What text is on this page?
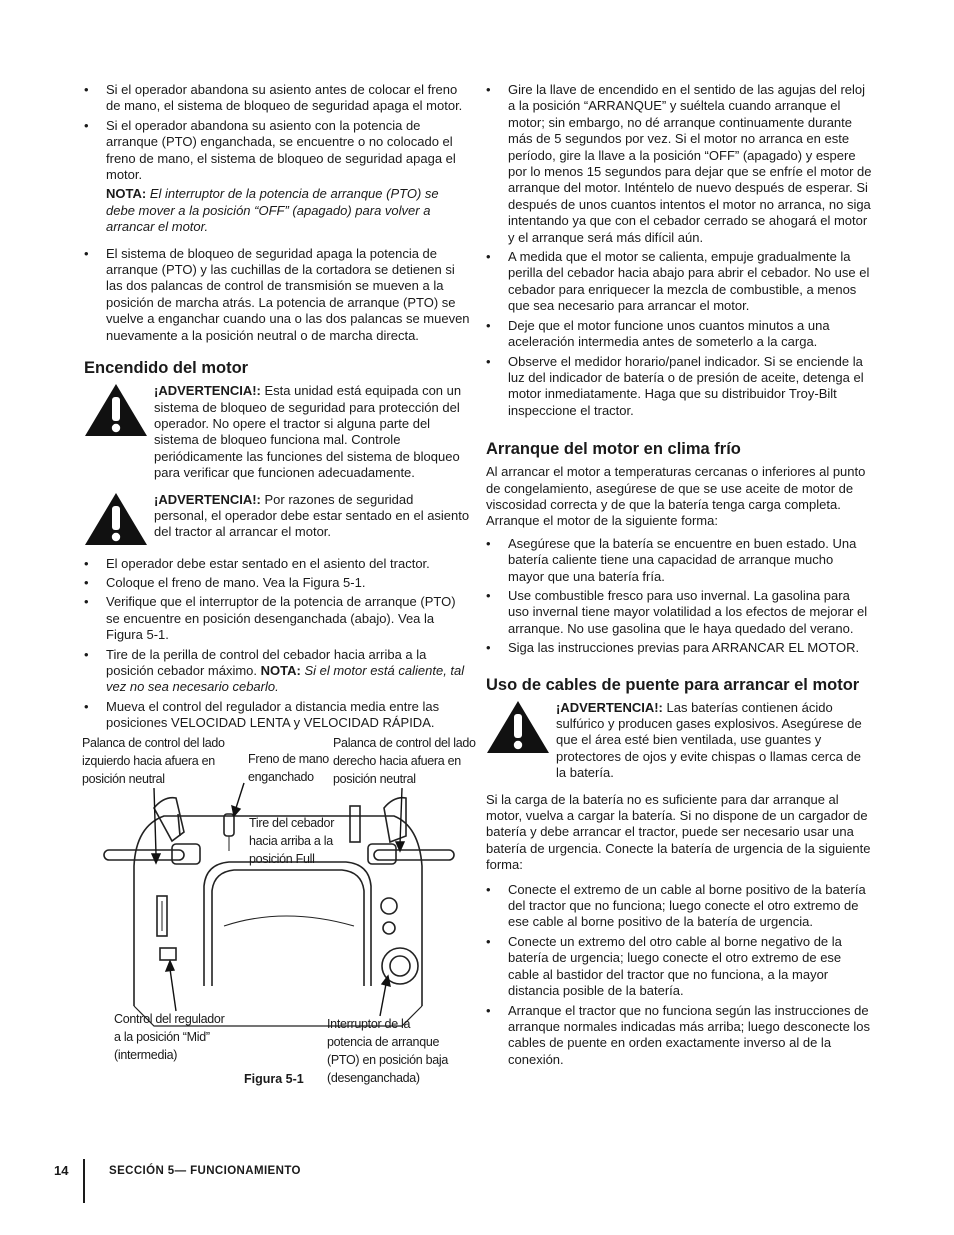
• Si el operador abandona su asiento antes de colocar el freno de mano, el sistema de bloqueo de seguridad apaga el motor.
• Si el operador abandona su asiento con la potencia de arranque (PTO) enganchada, se encuentre o no colocado el freno de mano, el sistema de bloqueo de seguridad apaga el motor.
NOTA: El interruptor de la potencia de arranque (PTO) se debe mover a la posición “OFF” (apagado) para volver a arrancar el motor.
• El sistema de bloqueo de seguridad apaga la potencia de arranque (PTO) y las cuchillas de la cortadora se detienen si las dos palancas de control de transmisión se mueven a la posición de marcha atrás. La potencia de arranque (PTO) se vuelve a enganchar cuando una o las dos palancas se mueven nuevamente a la posición neutral o de marcha directa.
Encendido del motor
¡ADVERTENCIA!: Esta unidad está equipada con un sistema de bloqueo de seguridad para protección del operador. No opere el tractor si alguna parte del sistema de bloqueo funciona mal. Controle periódicamente las funciones del sistema de bloqueo para verificar que funcionen adecuadamente.
¡ADVERTENCIA!: Por razones de seguridad personal, el operador debe estar sentado en el asiento del tractor al arrancar el motor.
• El operador debe estar sentado en el asiento del tractor.
• Coloque el freno de mano. Vea la Figura 5-1.
• Verifique que el interruptor de la potencia de arranque (PTO) se encuentre en posición desenganchada (abajo). Vea la Figura 5-1.
• Tire de la perilla de control del cebador hacia arriba a la posición cebador máximo. NOTA: Si el motor está caliente, tal vez no sea necesario cebarlo.
• Mueva el control del regulador a distancia media entre las posiciones VELOCIDAD LENTA y VELOCIDAD RÁPIDA.
Palanca de control del lado izquierdo hacia afuera en posición neutral
Freno de mano enganchado
Palanca de control del lado derecho hacia afuera en posición neutral
Tire del cebador hacia arriba a la posición Full
Control del regulador a la posición “Mid” (intermedia)
Interruptor de la potencia de arranque (PTO) en posición baja (desenganchada)
Figura 5-1
• Gire la llave de encendido en el sentido de las agujas del reloj a la posición “ARRANQUE” y suéltela cuando arranque el motor; sin embargo, no dé arranque continuamente durante más de 5 segundos por vez. Si el motor no arranca en este período, gire la llave a la posición “OFF” (apagado) y espere por lo menos 15 segundos para dejar que se enfríe el motor de arranque del motor. Inténtelo de nuevo después de esperar. Si después de unos cuantos intentos el motor no arranca, no siga intentando ya que con el cebador cerrado se ahogará el motor y el arranque será más difícil aún.
• A medida que el motor se calienta, empuje gradualmente la perilla del cebador hacia abajo para abrir el cebador. No use el cebador para enriquecer la mezcla de combustible, a menos que sea necesario para arrancar el motor.
• Deje que el motor funcione unos cuantos minutos a una aceleración intermedia antes de someterlo a la carga.
• Observe el medidor horario/panel indicador. Si se enciende la luz del indicador de batería o de presión de aceite, detenga el motor inmediatamente. Haga que su distribuidor Troy-Bilt inspeccione el tractor.
Arranque del motor en clima frío

Al arrancar el motor a temperaturas cercanas o inferiores al punto de congelamiento, asegúrese de que se use aceite de motor de viscosidad correcta y de que la batería tenga carga completa. Arranque el motor de la siguiente forma:

• Asegúrese que la batería se encuentre en buen estado. Una batería caliente tiene una capacidad de arranque mucho mayor que una batería fría.
• Use combustible fresco para uso invernal. La gasolina para uso invernal tiene mayor volatilidad a los efectos de mejorar el arranque. No use gasolina que le haya quedado del verano.
• Siga las instrucciones previas para ARRANCAR EL MOTOR.
Uso de cables de puente para arrancar el motor
¡ADVERTENCIA!: Las baterías contienen ácido sulfúrico y producen gases explosivos. Asegúrese de que el área esté bien ventilada, use guantes y protectores de ojos y evite chispas o llamas cerca de la batería.

Si la carga de la batería no es suficiente para dar arranque al motor, vuelva a cargar la batería. Si no dispone de un cargador de batería y debe arrancar el tractor, puede ser necesario usar una batería de urgencia. Conecte la batería de urgencia de la siguiente forma:

• Conecte el extremo de un cable al borne positivo de la batería del tractor que no funciona; luego conecte el otro extremo de ese cable al borne positivo de la batería de urgencia.
• Conecte un extremo del otro cable al borne negativo de la batería de urgencia; luego conecte el otro extremo de ese cable al bastidor del tractor que no funciona, a la mayor distancia posible de la batería.
• Arranque el tractor que no funciona según las instrucciones de arranque normales indicadas más arriba; luego desconecte los cables de puente en orden exactamente inverso al de la conexión.
14	SECCIÓN 5— FUNCIONAMIENTO
